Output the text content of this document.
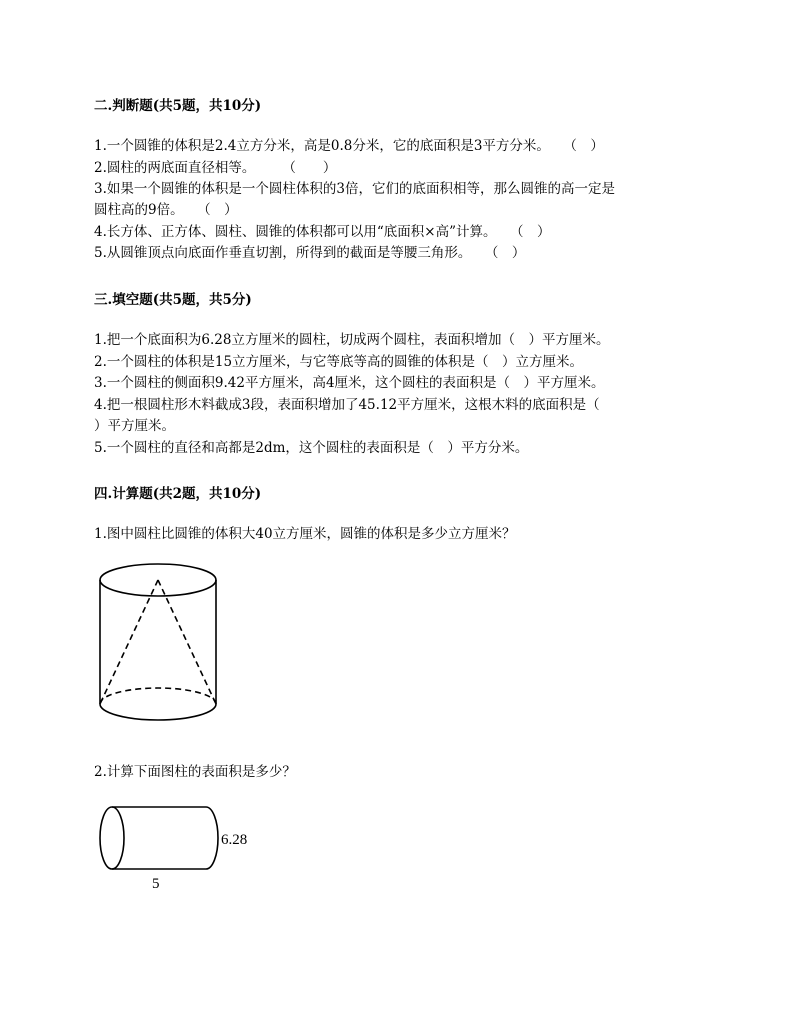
二.判断题(共5题，共10分)
1.一个圆锥的体积是2.4立方分米，高是0.8分米，它的底面积是3平方分米。　　（　）
2.圆柱的两底面直径相等。　　　（　　）
3.如果一个圆锥的体积是一个圆柱体积的3倍，它们的底面积相等，那么圆锥的高一定是
圆柱高的9倍。　　（　）
4.长方体、正方体、圆柱、圆锥的体积都可以用“底面积×高”计算。　　（　）
5.从圆锥顶点向底面作垂直切割，所得到的截面是等腰三角形。　　（　）
三.填空题(共5题，共5分)
1.把一个底面积为6.28立方厘米的圆柱，切成两个圆柱，表面积增加（　）平方厘米。
2.一个圆柱的体积是15立方厘米，与它等底等高的圆锥的体积是（　）立方厘米。
3.一个圆柱的侧面积9.42平方厘米，高4厘米，这个圆柱的表面积是（　）平方厘米。
4.把一根圆柱形木料截成3段，表面积增加了45.12平方厘米，这根木料的底面积是（
）平方厘米。
5.一个圆柱的直径和高都是2dm，这个圆柱的表面积是（　）平方分米。
四.计算题(共2题，共10分)
1.图中圆柱比圆锥的体积大40立方厘米，圆锥的体积是多少立方厘米？
2.计算下面图柱的表面积是多少？
6.28
5
